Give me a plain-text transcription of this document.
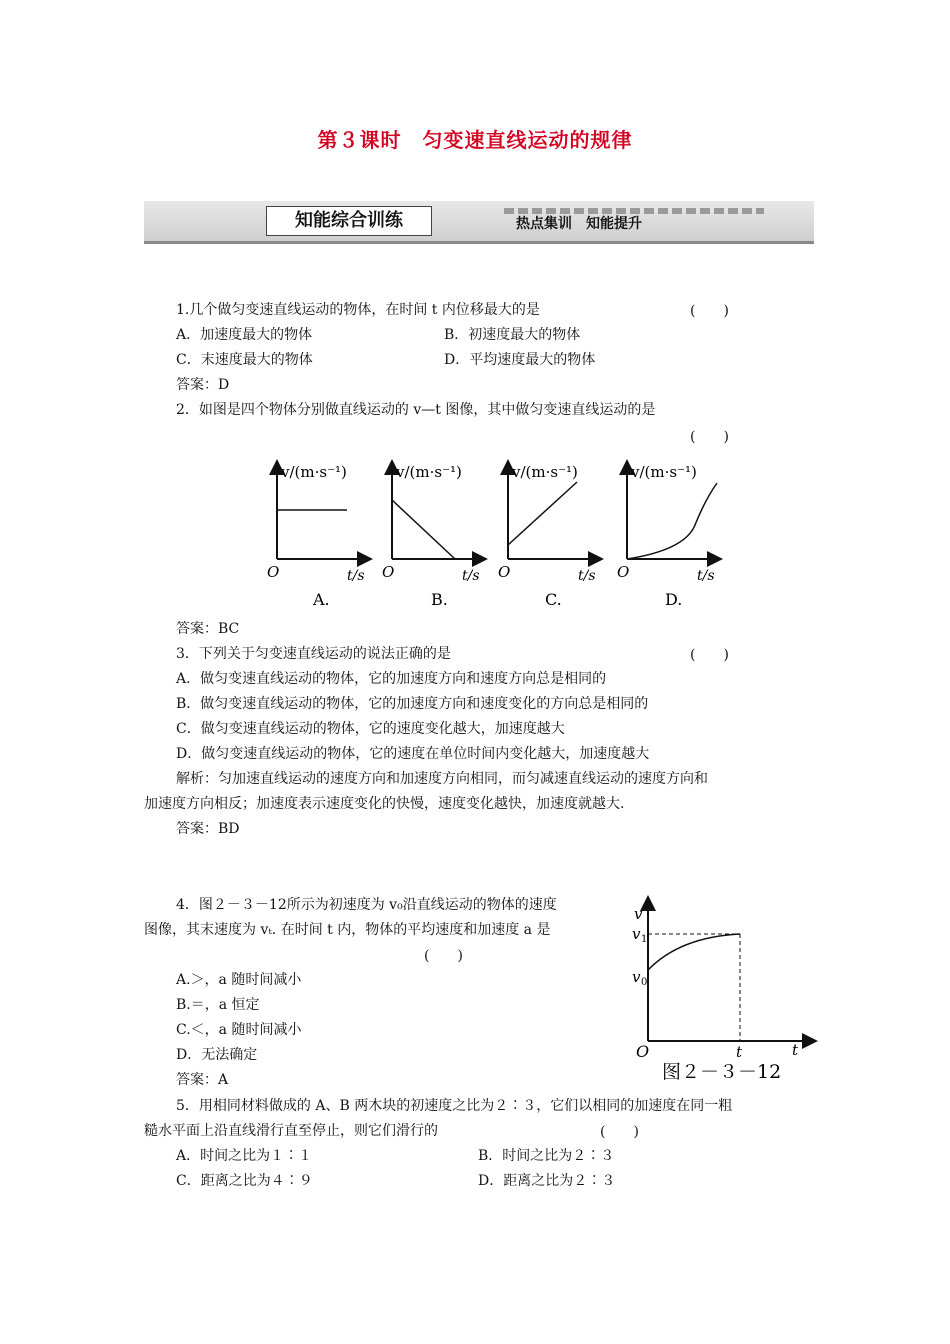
第３课时　匀变速直线运动的规律
知能综合训练	热点集训　知能提升
1.几个做匀变速直线运动的物体，在时间 t 内位移最大的是	(　　)
A．加速度最大的物体	B．初速度最大的物体
C．末速度最大的物体	D．平均速度最大的物体
答案：D
2．如图是四个物体分别做直线运动的 v—t 图像，其中做匀变速直线运动的是
(　　)
v/(m·s⁻¹)
O	t/s
A.
v/(m·s⁻¹)
O	t/s
B.
v/(m·s⁻¹)
O	t/s
C.
v/(m·s⁻¹)
O	t/s
D.
答案：BC
3．下列关于匀变速直线运动的说法正确的是	(　　)
A．做匀变速直线运动的物体，它的加速度方向和速度方向总是相同的
B．做匀变速直线运动的物体，它的加速度方向和速度变化的方向总是相同的
C．做匀变速直线运动的物体，它的速度变化越大，加速度越大
D．做匀变速直线运动的物体，它的速度在单位时间内变化越大，加速度越大
解析：匀加速直线运动的速度方向和加速度方向相同，而匀减速直线运动的速度方向和
加速度方向相反；加速度表示速度变化的快慢，速度变化越快，加速度就越大.
答案：BD
4．图２－３－12所示为初速度为 v₀沿直线运动的物体的速度
图像，其末速度为 vₜ. 在时间 t 内，物体的平均速度和加速度 a 是
(　　)
A.＞，a 随时间减小
B.＝，a 恒定
C.＜，a 随时间减小
D．无法确定
答案：A
v
v 1
v 0
O	t	t
图２－３－12
5．用相同材料做成的 A、B 两木块的初速度之比为２∶３，它们以相同的加速度在同一粗
糙水平面上沿直线滑行直至停止，则它们滑行的	(　　)
A．时间之比为１∶１	B．时间之比为２∶３
C．距离之比为４∶９	D．距离之比为２∶３
